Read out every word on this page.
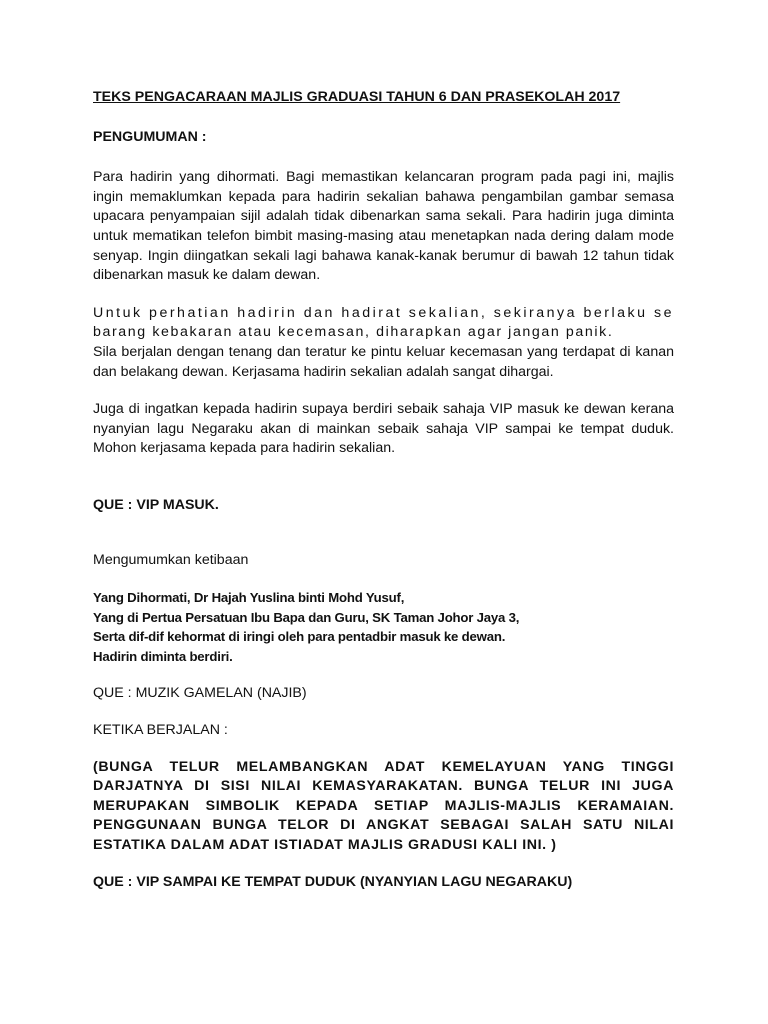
TEKS PENGACARAAN MAJLIS GRADUASI TAHUN 6 DAN PRASEKOLAH 2017

PENGUMUMAN :

Para hadirin yang dihormati. Bagi memastikan kelancaran program pada pagi ini, majlis ingin memaklumkan kepada para hadirin sekalian bahawa pengambilan gambar semasa upacara penyampaian sijil adalah tidak dibenarkan sama sekali. Para hadirin juga diminta untuk mematikan telefon bimbit masing-masing atau menetapkan nada dering dalam mode senyap. Ingin diingatkan sekali lagi bahawa kanak-kanak berumur di bawah 12 tahun tidak dibenarkan masuk ke dalam dewan.

Untuk perhatian hadirin dan hadirat sekalian, sekiranya berlaku se

barang kebakaran atau kecemasan, diharapkan agar jangan panik.

Sila berjalan dengan tenang dan teratur ke pintu keluar kecemasan yang terdapat di kanan dan belakang dewan. Kerjasama hadirin sekalian adalah sangat dihargai.

Juga di ingatkan kepada hadirin supaya berdiri sebaik sahaja VIP masuk ke dewan kerana nyanyian lagu Negaraku akan di mainkan sebaik sahaja VIP sampai ke tempat duduk. Mohon kerjasama kepada para hadirin sekalian.

QUE : VIP MASUK.

Mengumumkan ketibaan

Yang Dihormati, Dr Hajah Yuslina binti Mohd Yusuf,

Yang di Pertua Persatuan Ibu Bapa dan Guru, SK Taman Johor Jaya 3,

Serta dif-dif kehormat di iringi oleh para pentadbir masuk ke dewan.

Hadirin diminta berdiri.

QUE : MUZIK GAMELAN (NAJIB)

KETIKA BERJALAN :

(BUNGA TELUR MELAMBANGKAN ADAT KEMELAYUAN YANG TINGGI DARJATNYA DI SISI NILAI KEMASYARAKATAN. BUNGA TELUR INI JUGA MERUPAKAN SIMBOLIK KEPADA SETIAP MAJLIS-MAJLIS KERAMAIAN. PENGGUNAAN BUNGA TELOR DI ANGKAT SEBAGAI SALAH SATU NILAI ESTATIKA DALAM ADAT ISTIADAT MAJLIS GRADUSI KALI INI. )

QUE : VIP SAMPAI KE TEMPAT DUDUK (NYANYIAN LAGU NEGARAKU)
